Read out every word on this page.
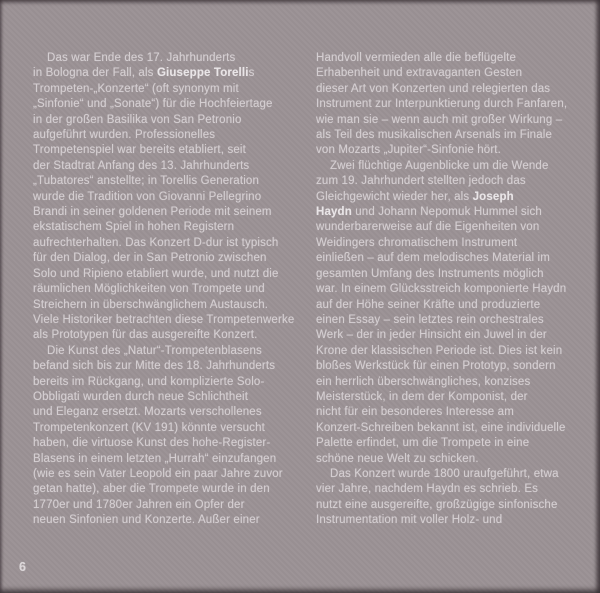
Das war Ende des 17. Jahrhunderts
in Bologna der Fall, als Giuseppe Torellis
Trompeten-„Konzerte“ (oft synonym mit
„Sinfonie“ und „Sonate“) für die Hochfeiertage
in der großen Basilika von San Petronio
aufgeführt wurden. Professionelles
Trompetenspiel war bereits etabliert, seit
der Stadtrat Anfang des 13. Jahrhunderts
„Tubatores“ anstellte; in Torellis Generation
wurde die Tradition von Giovanni Pellegrino
Brandi in seiner goldenen Periode mit seinem
ekstatischem Spiel in hohen Registern
aufrechterhalten. Das Konzert D-dur ist typisch
für den Dialog, der in San Petronio zwischen
Solo und Ripieno etabliert wurde, und nutzt die
räumlichen Möglichkeiten von Trompete und
Streichern in überschwänglichem Austausch.
Viele Historiker betrachten diese Trompetenwerke
als Prototypen für das ausgereifte Konzert.
Die Kunst des „Natur“-Trompetenblasens
befand sich bis zur Mitte des 18. Jahrhunderts
bereits im Rückgang, und komplizierte Solo-
Obbligati wurden durch neue Schlichtheit
und Eleganz ersetzt. Mozarts verschollenes
Trompetenkonzert (KV 191) könnte versucht
haben, die virtuose Kunst des hohe-Register-
Blasens in einem letzten „Hurrah“ einzufangen
(wie es sein Vater Leopold ein paar Jahre zuvor
getan hatte), aber die Trompete wurde in den
1770er und 1780er Jahren ein Opfer der
neuen Sinfonien und Konzerte. Außer einer
Handvoll vermieden alle die beflügelte
Erhabenheit und extravaganten Gesten
dieser Art von Konzerten und relegierten das
Instrument zur Interpunktierung durch Fanfaren,
wie man sie – wenn auch mit großer Wirkung –
als Teil des musikalischen Arsenals im Finale
von Mozarts „Jupiter“-Sinfonie hört.
Zwei flüchtige Augenblicke um die Wende
zum 19. Jahrhundert stellten jedoch das
Gleichgewicht wieder her, als Joseph
Haydn und Johann Nepomuk Hummel sich
wunderbarerweise auf die Eigenheiten von
Weidingers chromatischem Instrument
einließen – auf dem melodisches Material im
gesamten Umfang des Instruments möglich
war. In einem Glücksstreich komponierte Haydn
auf der Höhe seiner Kräfte und produzierte
einen Essay – sein letztes rein orchestrales
Werk – der in jeder Hinsicht ein Juwel in der
Krone der klassischen Periode ist. Dies ist kein
bloßes Werkstück für einen Prototyp, sondern
ein herrlich überschwängliches, konzises
Meisterstück, in dem der Komponist, der
nicht für ein besonderes Interesse am
Konzert-Schreiben bekannt ist, eine individuelle
Palette erfindet, um die Trompete in eine
schöne neue Welt zu schicken.
Das Konzert wurde 1800 uraufgeführt, etwa
vier Jahre, nachdem Haydn es schrieb. Es
nutzt eine ausgereifte, großzügige sinfonische
Instrumentation mit voller Holz- und
6
